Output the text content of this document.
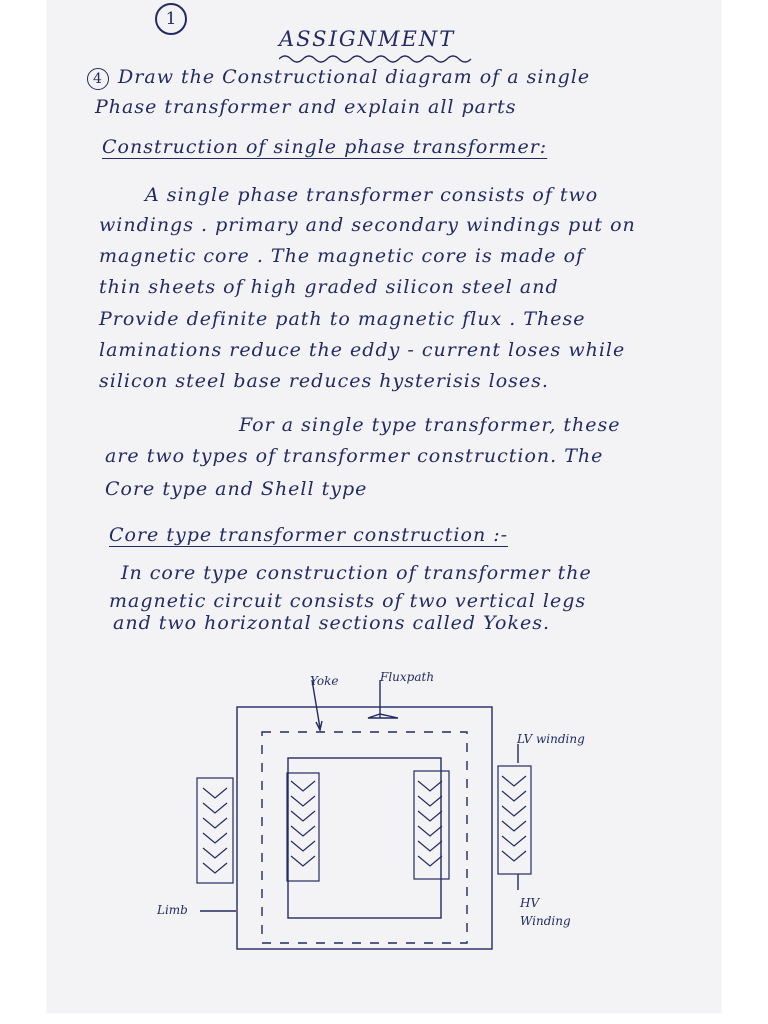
1
ASSIGNMENT
4 Draw the Constructional diagram of a single
Phase transformer and explain all parts
Construction of single phase transformer:
A single phase transformer consists of two
windings . primary and secondary windings put on
magnetic core . The magnetic core is made of
thin sheets of high graded silicon steel and
Provide definite path to magnetic flux . These
laminations reduce the eddy - current loses while
silicon steel base reduces hysterisis loses.
For a single type transformer, these
are two types of transformer construction. The
Core type and Shell type
Core type transformer construction :-
In core type construction of transformer the
magnetic circuit consists of two vertical legs
and two horizontal sections called Yokes.
Yoke	Fluxpath
LV winding
HV
Winding
Limb
